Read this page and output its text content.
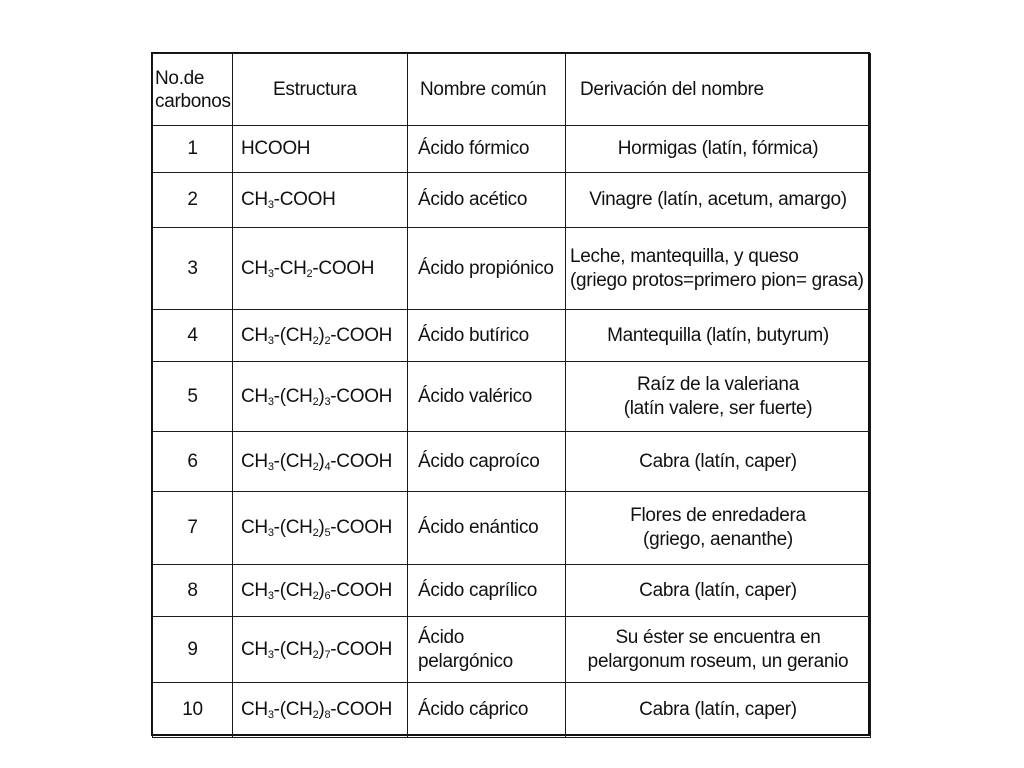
No.de carbonos	Estructura	Nombre común	Derivación del nombre
1	HCOOH	Ácido fórmico	Hormigas (latín, fórmica)

2	$CH_3$-COOH	Ácido acético	Vinagre (latín, acetum, amargo)

3	$CH_3-CH_2$-COOH	Ácido propiónico	Leche, mantequilla, y queso
(griego protos=primero pion= grasa)

4	$CH_3-(CH_2)_2$-COOH	Ácido butírico	Mantequilla (latín, butyrum)

5	$CH_3-(CH_2)_3$-COOH	Ácido valérico	Raíz de la valeriana
(latín valere, ser fuerte)

6	$CH_3-(CH_2)_4$-COOH	Ácido caproíco	Cabra (latín, caper)

7	$CH_3-(CH_2)_5$-COOH	Ácido enántico	Flores de enredadera
(griego, aenanthe)

8	$CH_3-(CH_2)_6$-COOH	Ácido caprílico	Cabra (latín, caper)

9	$CH_3-(CH_2)_7$-COOH	Ácido pelargónico	Su éster se encuentra en
pelargonum roseum, un geranio

10	$CH_3-(CH_2)_8$-COOH	Ácido cáprico	Cabra (latín, caper)
